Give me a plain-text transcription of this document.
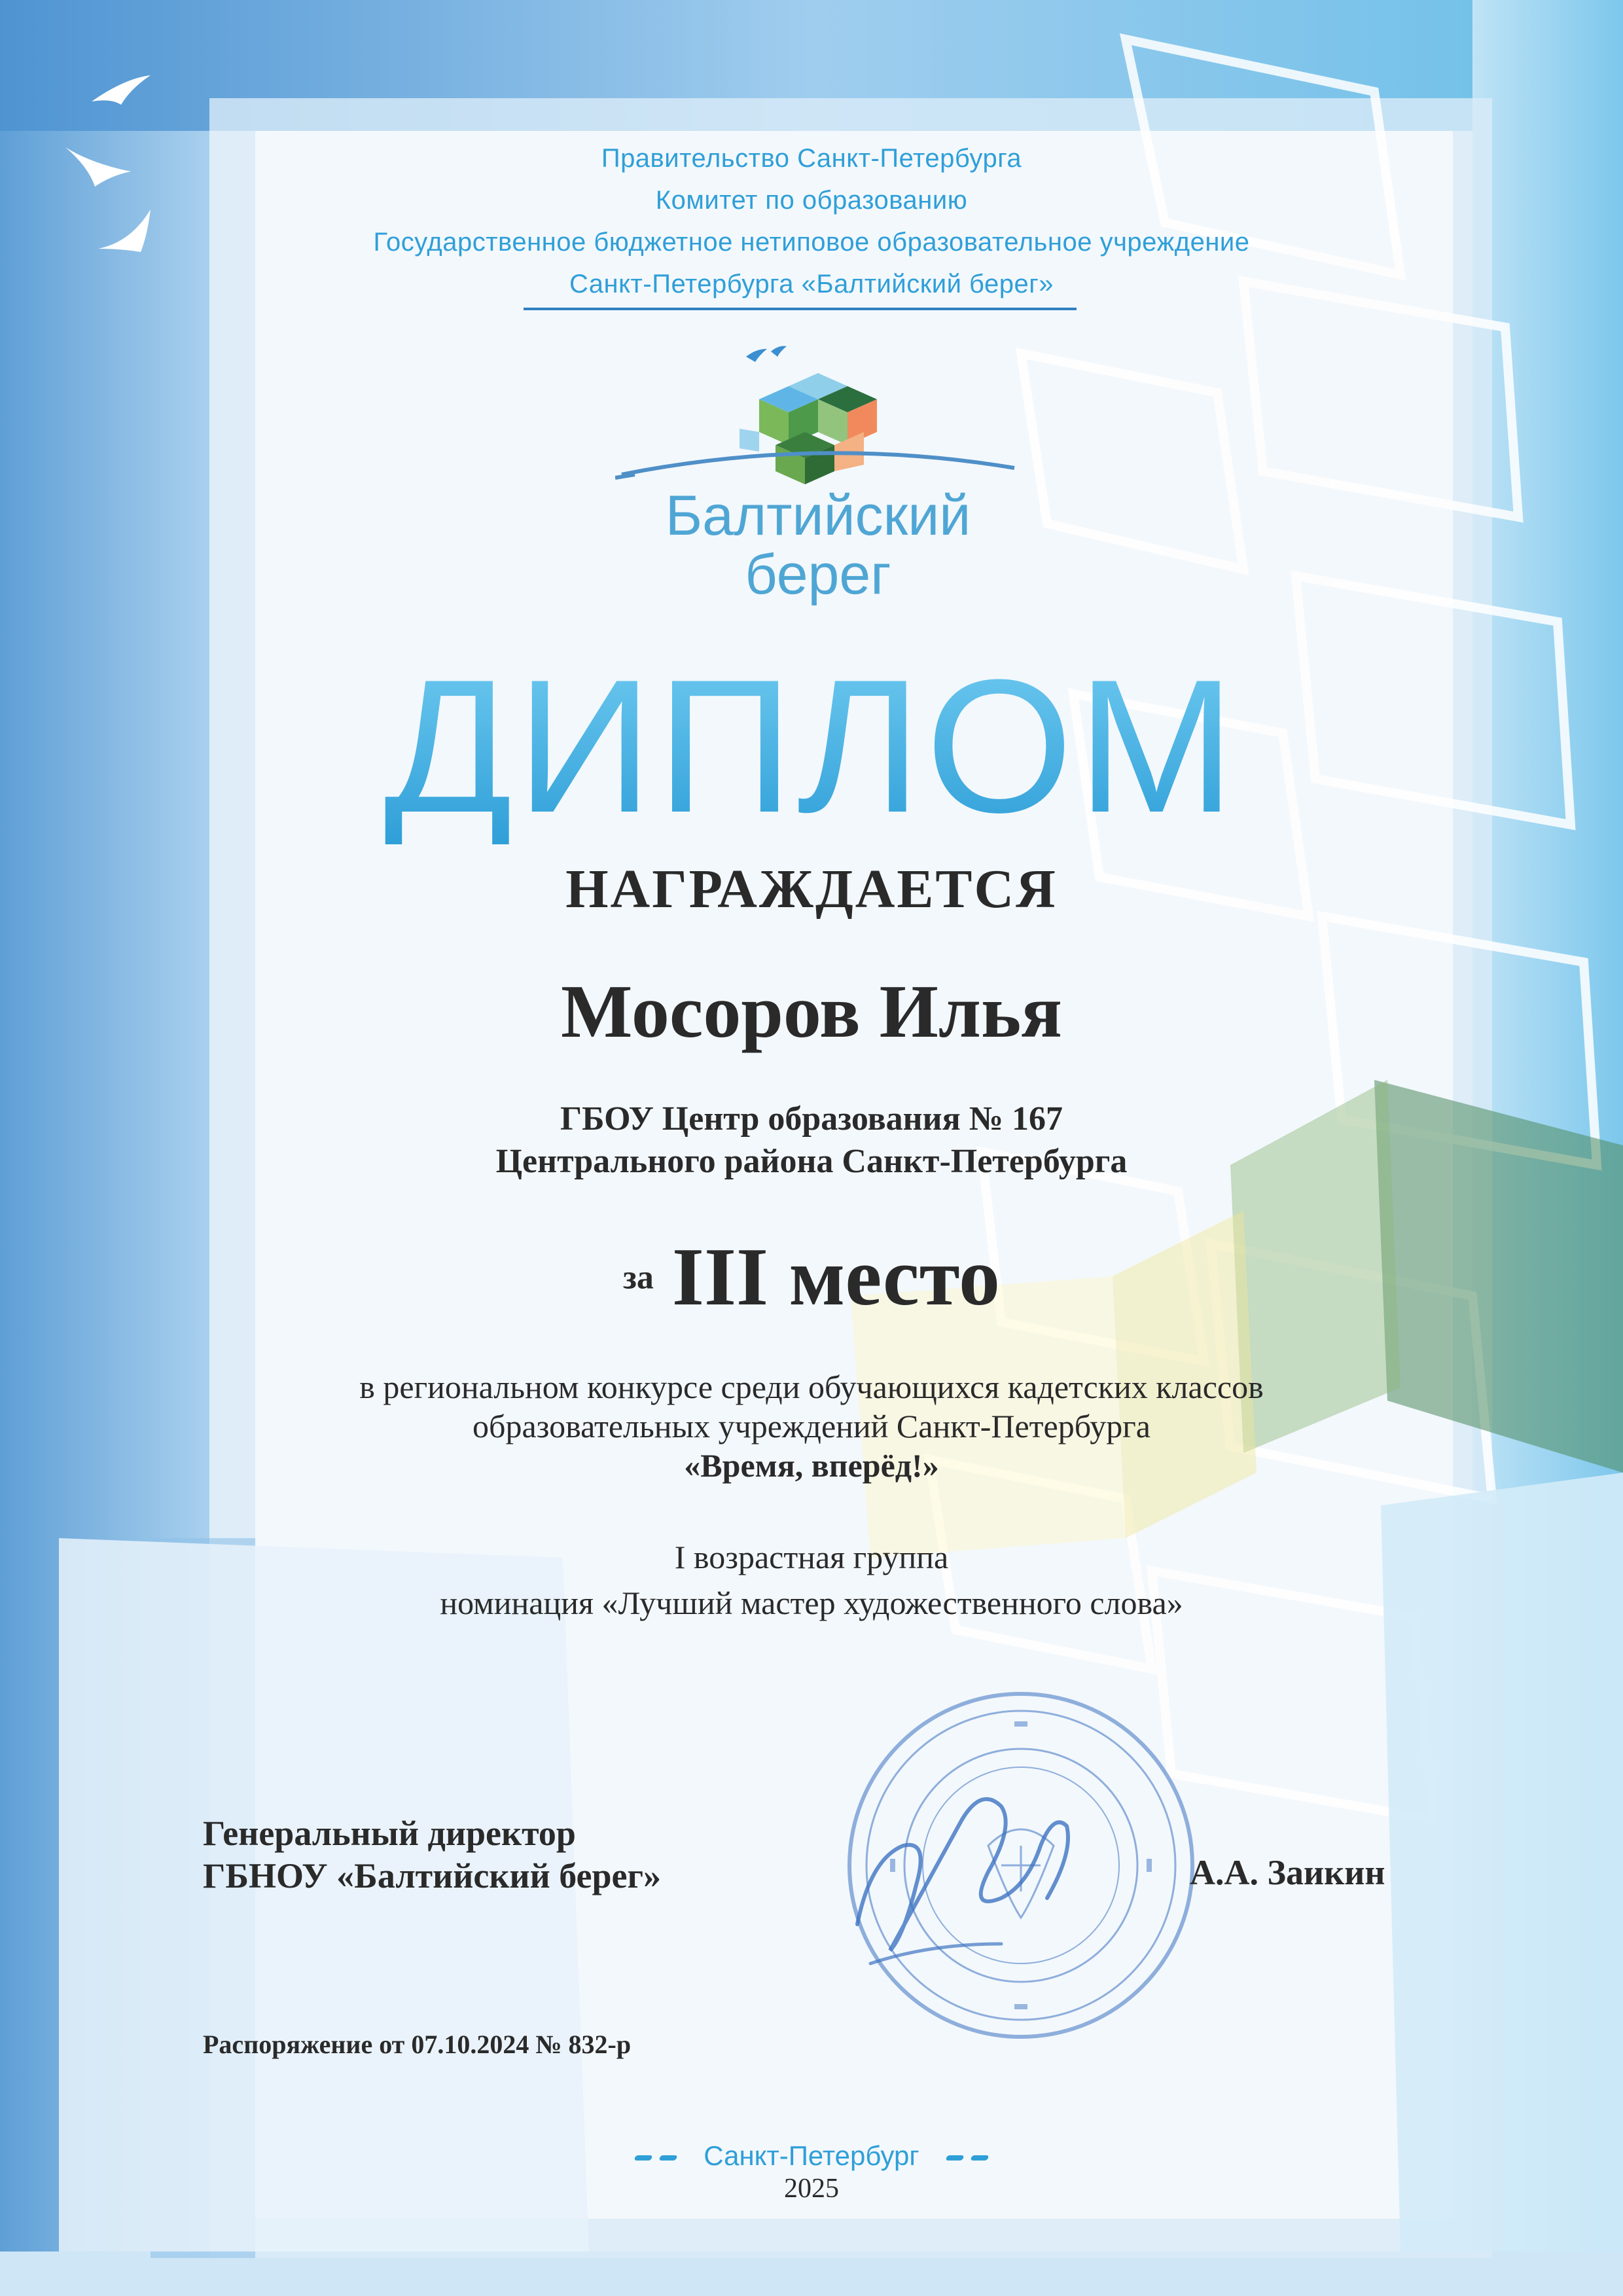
Правительство Санкт-Петербурга
Комитет по образованию
Государственное бюджетное нетиповое образовательное учреждение
Санкт-Петербурга «Балтийский берег»
Балтийский
берег
ДИПЛОМ
НАГРАЖДАЕТСЯ
Мосоров Илья
ГБОУ Центр образования № 167
Центрального района Санкт-Петербурга
за III место
в региональном конкурсе среди обучающихся кадетских классов
образовательных учреждений Санкт-Петербурга
«Время, вперёд!»
I возрастная группа
номинация «Лучший мастер художественного слова»
Генеральный директор
ГБНОУ «Балтийский берег»	А.А. Заикин
Распоряжение от 07.10.2024 № 832-р
Санкт-Петербург
2025
